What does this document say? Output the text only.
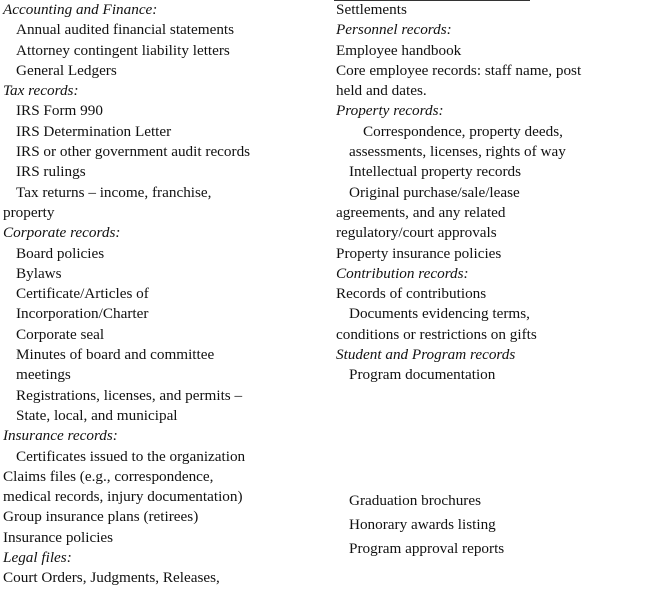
Accounting and Finance:
Annual audited financial statements
Attorney contingent liability letters
General Ledgers
Tax records:
IRS Form 990
IRS Determination Letter
IRS or other government audit records
IRS rulings
Tax returns – income, franchise,
property
Corporate records:
Board policies
Bylaws
Certificate/Articles of
Incorporation/Charter
Corporate seal
Minutes of board and committee
meetings
Registrations, licenses, and permits –
State, local, and municipal
Insurance records:
Certificates issued to the organization
Claims files (e.g., correspondence,
medical records, injury documentation)
Group insurance plans (retirees)
Insurance policies
Legal files:
Court Orders, Judgments, Releases,
Settlements
Personnel records:
Employee handbook
Core employee records: staff name, post
held and dates.
Property records:
Correspondence, property deeds,
assessments, licenses, rights of way
Intellectual property records
Original purchase/sale/lease
agreements, and any related
regulatory/court approvals
Property insurance policies
Contribution records:
Records of contributions
Documents evidencing terms,
conditions or restrictions on gifts
Student and Program records
Program documentation
Graduation brochures
Honorary awards listing
Program approval reports
